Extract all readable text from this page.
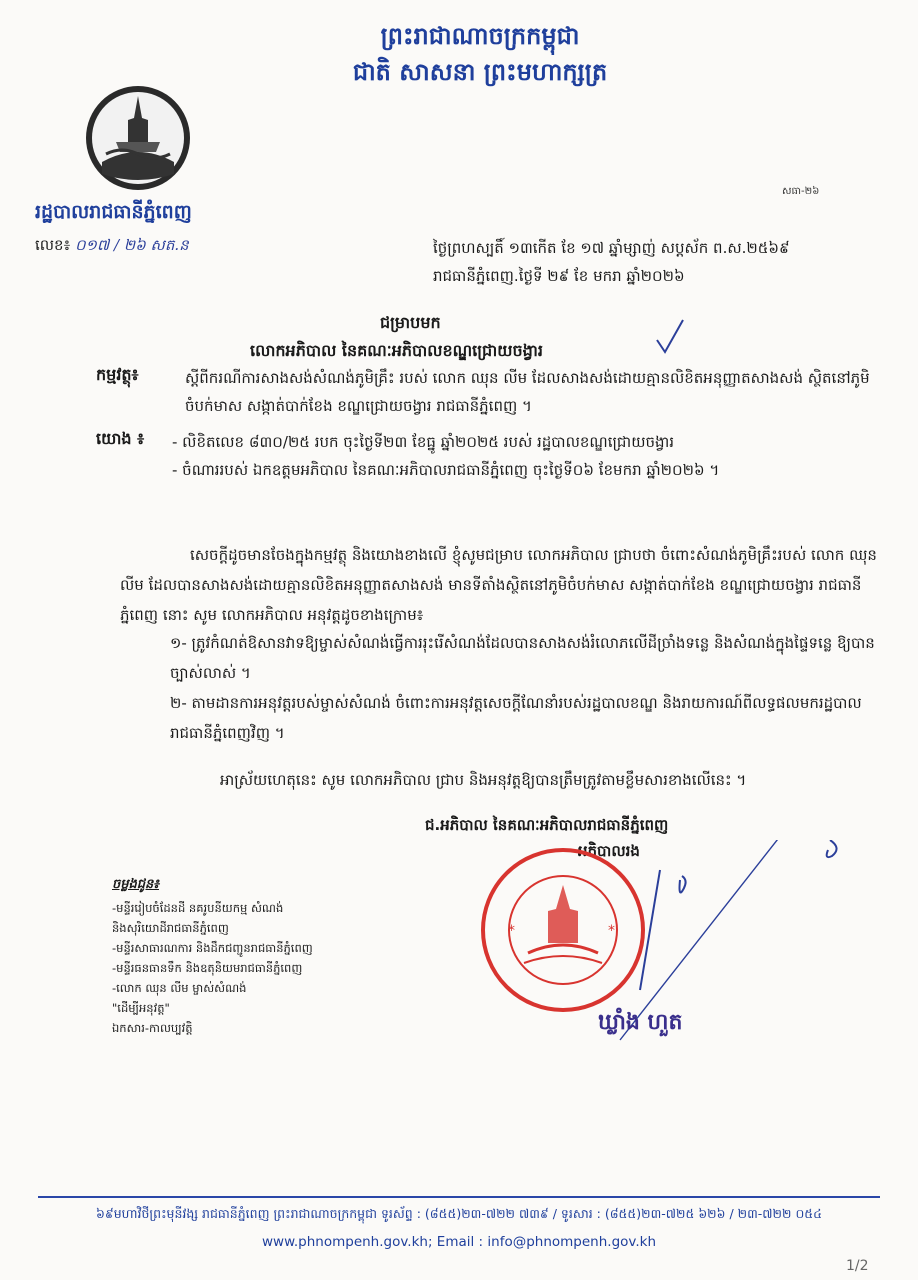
ព្រះរាជាណាចក្រកម្ពុជា
ជាតិ សាសនា ព្រះមហាក្សត្រ
រដ្ឋបាលរាជធានីភ្នំពេញ
សធា-២៦
លេខ៖ ០១៧ / ២៦ សត.ន	ថ្ងៃព្រហស្បតិ៍ ១៣កើត ខែ ១៧ ឆ្នាំម្សាញ់ សប្តស័ក ព.ស.២៥៦៩
រាជធានីភ្នំពេញ.ថ្ងៃទី ២៩ ខែ មករា ឆ្នាំ២០២៦
ជម្រាបមក
លោកអភិបាល នៃគណៈអភិបាលខណ្ឌជ្រោយចង្វារ
កម្មវត្ថុ៖	ស្តីពីករណីការសាងសង់សំណង់ភូមិគ្រឹះ របស់ លោក ឈុន លីម ដែលសាងសង់ដោយគ្មានលិខិតអនុញ្ញាតសាងសង់ ស្ថិតនៅភូមិចំបក់មាស សង្កាត់បាក់ខែង ខណ្ឌជ្រោយចង្វារ រាជធានីភ្នំពេញ ។
យោង ៖ - លិខិតលេខ ៨៣០/២៥ របក ចុះថ្ងៃទី២៣ ខែធ្នូ ឆ្នាំ២០២៥ របស់ រដ្ឋបាលខណ្ឌជ្រោយចង្វារ
- ចំណាររបស់ ឯកឧត្តមអភិបាល នៃគណៈអភិបាលរាជធានីភ្នំពេញ ចុះថ្ងៃទី០៦ ខែមករា ឆ្នាំ២០២៦ ។
សេចក្តីដូចមានចែងក្នុងកម្មវត្ថុ និងយោងខាងលើ ខ្ញុំសូមជម្រាប លោកអភិបាល ជ្រាបថា ចំពោះសំណង់ភូមិគ្រឹះរបស់ លោក ឈុន លីម ដែលបានសាងសង់ដោយគ្មានលិខិតអនុញ្ញាតសាងសង់ មានទីតាំងស្ថិតនៅភូមិចំបក់មាស សង្កាត់បាក់ខែង ខណ្ឌជ្រោយចង្វារ រាជធានីភ្នំពេញ នោះ សូម លោកអភិបាល អនុវត្តដូចខាងក្រោម៖
១- ត្រូវកំណត់ឱសានវាទឱ្យម្ចាស់សំណង់ធ្វើការរុះរើសំណង់ដែលបានសាងសង់រំលោភលើដីច្រាំងទន្លេ និងសំណង់ក្នុងផ្ទៃទន្លេ ឱ្យបានច្បាស់លាស់ ។
២- តាមដានការអនុវត្តរបស់ម្ចាស់សំណង់ ចំពោះការអនុវត្តសេចក្តីណែនាំរបស់រដ្ឋបាលខណ្ឌ និងរាយការណ៍ពីលទ្ធផលមករដ្ឋបាលរាជធានីភ្នំពេញវិញ ។
អាស្រ័យហេតុនេះ សូម លោកអភិបាល ជ្រាប និងអនុវត្តឱ្យបានត្រឹមត្រូវតាមខ្លឹមសារខាងលើនេះ ។
ជ.អភិបាល នៃគណៈអភិបាលរាជធានីភ្នំពេញ
អភិបាលរង
*	*
ឃ្លាំង ហួត
ចម្លងជូន៖
-មន្ទីររៀបចំដែនដី នគរូបនីយកម្ម សំណង់
និងសុរិយោដីរាជធានីភ្នំពេញ
-មន្ទីរសាធារណការ និងដឹកជញ្ជូនរាជធានីភ្នំពេញ
-មន្ទីរធនធានទឹក និងឧតុនិយមរាជធានីភ្នំពេញ
-លោក ឈុន លីម ម្ចាស់សំណង់
"ដើម្បីអនុវត្ត"
ឯកសារ-កាលប្បវត្តិ
៦៩មហាវិថីព្រះមុនីវង្ស រាជធានីភ្នំពេញ ព្រះរាជាណាចក្រកម្ពុជា ទូរស័ព្ទ : (៨៥៥)២៣-៧២២ ៧៣៩ / ទូរសារ : (៨៥៥)២៣-៧២៥ ៦២៦ / ២៣-៧២២ ០៥៤
www.phnompenh.gov.kh; Email : info@phnompenh.gov.kh
1/2
